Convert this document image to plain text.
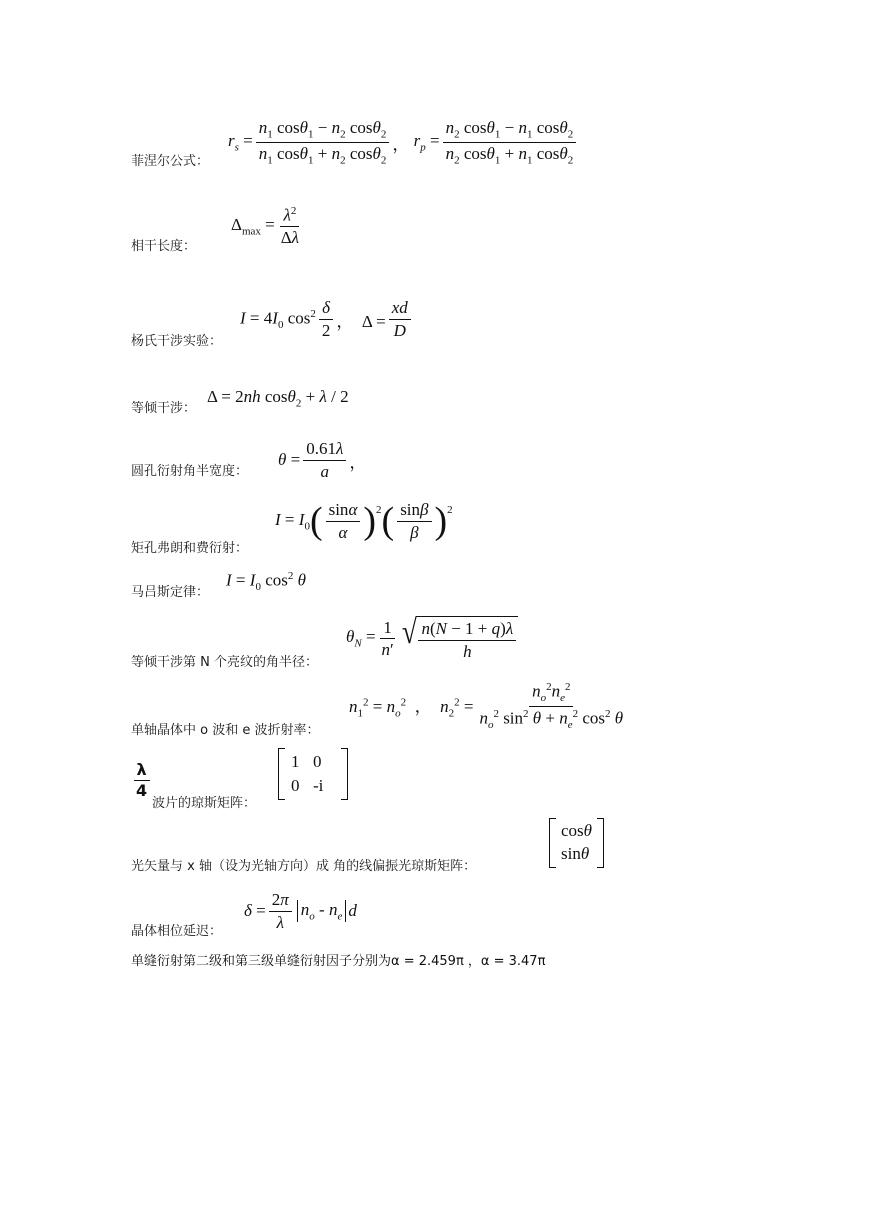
菲涅尔公式：
$r_s = \frac{n_1 \cos\theta_1 - n_2 \cos\theta_2}{n_1 \cos\theta_1 + n_2 \cos\theta_2}$ ， $r_p = \frac{n_2 \cos\theta_1 - n_1 \cos\theta_2}{n_2 \cos\theta_1 + n_1 \cos\theta_2}$
相干长度：
$\Delta_{max} = \frac{\lambda^2}{\Delta\lambda}$
杨氏干涉实验：
$I = 4I_0$ $\cos^2 \frac{\delta}{2}$ ，  $\Delta = \frac{xd}{D}$
等倾干涉：
Δ = 2nh cosθ$_2$ + λ / 2
圆孔衍射角半宽度：
$\theta = \frac{0.61\lambda}{a}$ ，
矩孔弗朗和费衍射：
$I = I_0$ ( $\frac{\sin\alpha}{\alpha} )^2$ ( $\frac{\sin\beta}{\beta} )^2$
马吕斯定律：
$I = I_0$ $\cos^2 \theta$
等倾干涉第 N 个亮纹的角半径：
$\theta_N = \frac{1}{n'}$ √ $\frac{n(N - 1 + q)\lambda}{h}$
单轴晶体中 o 波和 e 波折射率：
$n_1^2 = n_o^2$  ，  $n_2^2 = \frac{n_o^2n_e^2}{n_o^2 \sin^2 \theta + n_e^2 \cos^2 \theta}$
$\frac{\lambda}{4}$
波片的琼斯矩阵：
1 0
0 -i
光矢量与 x 轴（设为光轴方向）成 角的线偏振光琼斯矩阵：
cosθ
sinθ
晶体相位延迟：
$\delta = \frac{2\pi}{\lambda} n_o - n_e$ d
单缝衍射第二级和第三级单缝衍射因子分别为α = 2.459π ，α = 3.47π
